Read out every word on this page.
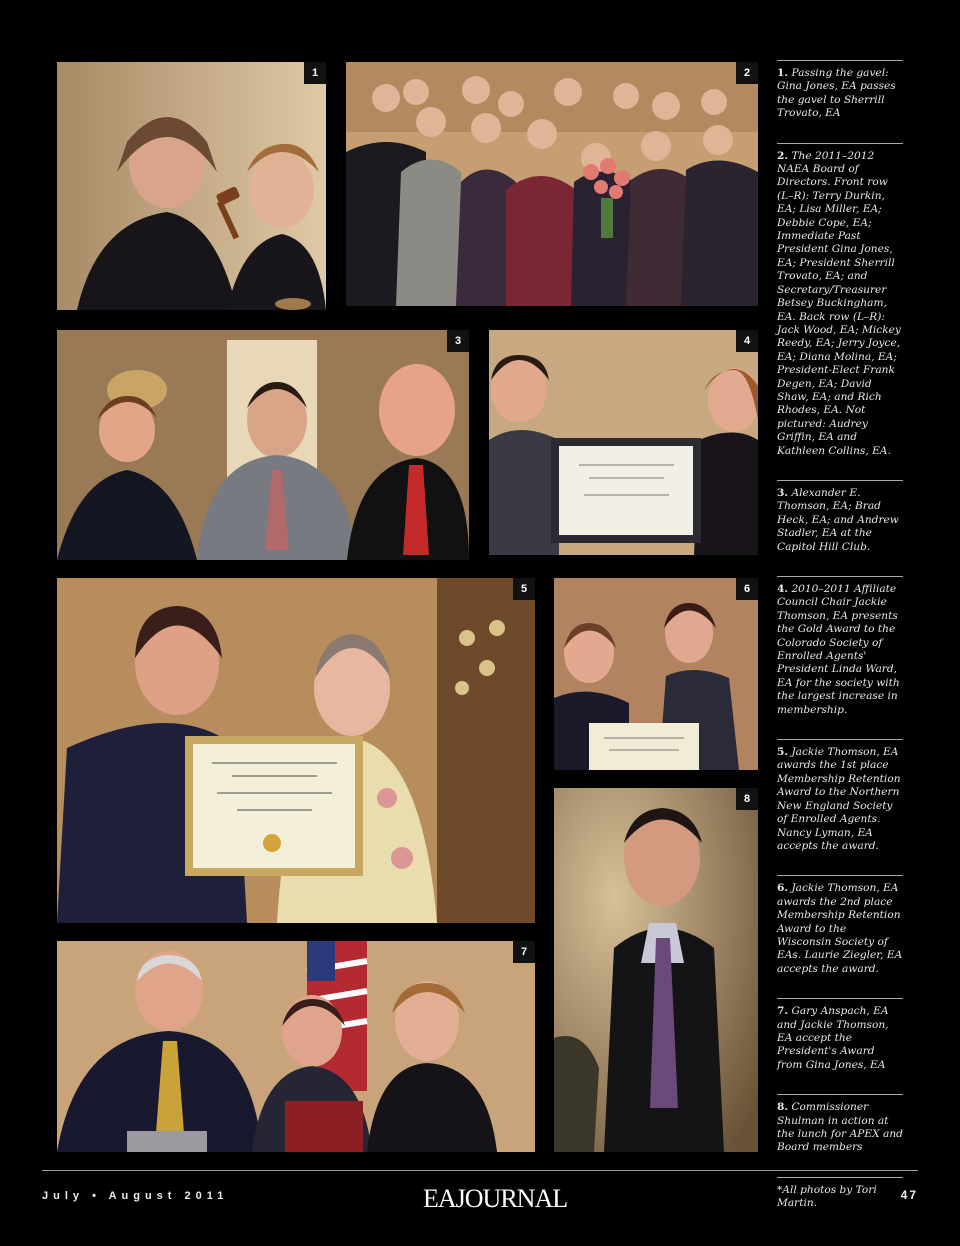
1	2
3	4
5	6
7
8
1. Passing the gavel: Gina Jones, EA passes the gavel to Sherrill Trovato, EA
2. The 2011–2012 NAEA Board of Directors. Front row (L–R): Terry Durkin, EA; Lisa Miller, EA; Debbie Cope, EA; Immediate Past President Gina Jones, EA; President Sherrill Trovato, EA; and Secretary/Treasurer Betsey Buckingham, EA. Back row (L–R): Jack Wood, EA; Mickey Reedy, EA; Jerry Joyce, EA; Diana Molina, EA; President-Elect Frank Degen, EA; David Shaw, EA; and Rich Rhodes, EA. Not pictured: Audrey Griffin, EA and Kathleen Collins, EA.
3. Alexander E. Thomson, EA; Brad Heck, EA; and Andrew Stadler, EA at the Capitol Hill Club.
4. 2010–2011 Affiliate Council Chair Jackie Thomson, EA presents the Gold Award to the Colorado Society of Enrolled Agents' President Linda Ward, EA for the society with the largest increase in membership.
5. Jackie Thomson, EA awards the 1st place Membership Retention Award to the Northern New England Society of Enrolled Agents. Nancy Lyman, EA accepts the award.
6. Jackie Thomson, EA awards the 2nd place Membership Retention Award to the Wisconsin Society of EAs. Laurie Ziegler, EA accepts the award.
7. Gary Anspach, EA and Jackie Thomson, EA accept the President's Award from Gina Jones, EA
8. Commissioner Shulman in action at the lunch for APEX and Board members
*All photos by Tori Martin.
July • August 2011	EAJOURNAL	47
